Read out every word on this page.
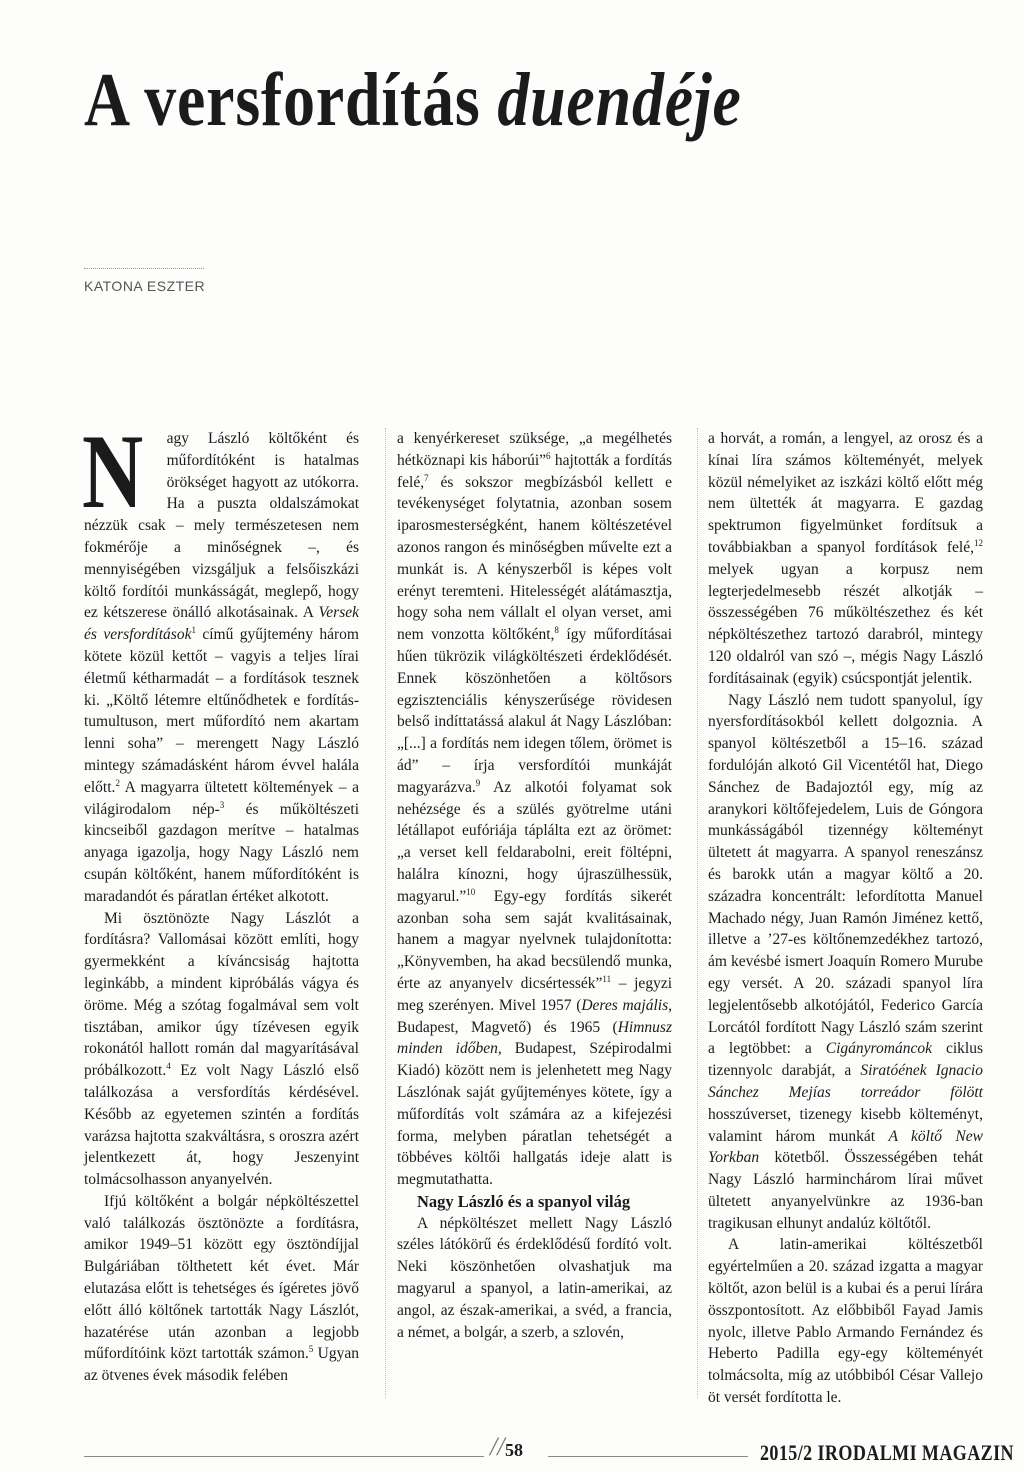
A versfordítás duendéje
KATONA ESZTER

N agy László költőként és műfordítóként is hatalmas örökséget hagyott az utókorra. Ha a puszta oldalszámokat nézzük csak – mely természetesen nem fokmérője a minőségnek –, és mennyiségében vizsgáljuk a felsőiszkázi költő fordítói munkásságát, meglepő, hogy ez kétszerese önálló alkotásainak. A Versek és versfordítások$^1$ című gyűjtemény három kötete közül kettőt – vagyis a teljes lírai életmű kétharmadát – a fordítások tesznek ki. „Költő létemre eltűnődhetek e fordítás-tumultuson, mert műfordító nem akartam lenni soha” – merengett Nagy László mintegy számadásként három évvel halála előtt.$^2$ A magyarra ültetett költemények – a világirodalom nép-$^3$ és műköltészeti kincseiből gazdagon merítve – hatalmas anyaga igazolja, hogy Nagy László nem csupán költőként, hanem műfordítóként is maradandót és páratlan értéket alkotott.

Mi ösztönözte Nagy Lászlót a fordításra? Vallomásai között említi, hogy gyermekként a kíváncsiság hajtotta leginkább, a mindent kipróbálás vágya és öröme. Még a szótag fogalmával sem volt tisztában, amikor úgy tízévesen egyik rokonától hallott román dal magyarításával próbálkozott.$^4$ Ez volt Nagy László első találkozása a versfordítás kérdésével. Később az egyetemen szintén a fordítás varázsa hajtotta szakváltásra, s oroszra azért jelentkezett át, hogy Jeszenyint tolmácsolhasson anyanyelvén.

Ifjú költőként a bolgár népköltészettel való találkozás ösztönözte a fordításra, amikor 1949–51 között egy ösztöndíjjal Bulgáriában tölthetett két évet. Már elutazása előtt is tehetséges és ígéretes jövő előtt álló költőnek tartották Nagy Lászlót, hazatérése után azonban a legjobb műfordítóink közt tartották számon.$^5$ Ugyan az ötvenes évek második felében

a kenyérkereset szüksége, „a megélhetés hétköznapi kis háborúi”$^6$ hajtották a fordítás felé,$^7$ és sokszor megbízásból kellett e tevékenységet folytatnia, azonban sosem iparosmesterségként, hanem költészetével azonos rangon és minőségben művelte ezt a munkát is. A kényszerből is képes volt erényt teremteni. Hitelességét alátámasztja, hogy soha nem vállalt el olyan verset, ami nem vonzotta költőként,$^8$ így műfordításai hűen tükrözik világköltészeti érdeklődését. Ennek köszönhetően a költősors egzisztenciális kényszerűsége rövidesen belső indíttatássá alakul át Nagy Lászlóban: „[...] a fordítás nem idegen tőlem, örömet is ád” – írja versfordítói munkáját magyarázva.$^9$ Az alkotói folyamat sok nehézsége és a szülés gyötrelme utáni létállapot eufóriája táplálta ezt az örömet: „a verset kell feldarabolni, ereit föltépni, halálra kínozni, hogy újraszülhessük, magyarul.”$^{10}$ Egy-egy fordítás sikerét azonban soha sem saját kvalitásainak, hanem a magyar nyelvnek tulajdonította: „Könyvemben, ha akad becsülendő munka, érte az anyanyelv dicsértessék”$^{11}$ – jegyzi meg szerényen. Mivel 1957 (Deres majális, Budapest, Magvető) és 1965 (Himnusz minden időben, Budapest, Szépirodalmi Kiadó) között nem is jelenhetett meg Nagy Lászlónak saját gyűjteményes kötete, így a műfordítás volt számára az a kifejezési forma, melyben páratlan tehetségét a többéves költői hallgatás ideje alatt is megmutathatta.

Nagy László és a spanyol világ

A népköltészet mellett Nagy László széles látókörű és érdeklődésű fordító volt. Neki köszönhetően olvashatjuk ma magyarul a spanyol, a latin-amerikai, az angol, az észak-amerikai, a svéd, a francia, a német, a bolgár, a szerb, a szlovén,

a horvát, a román, a lengyel, az orosz és a kínai líra számos költeményét, melyek közül némelyiket az iszkázi költő előtt még nem ültették át magyarra. E gazdag spektrumon figyelmünket fordítsuk a továbbiakban a spanyol fordítások felé,$^{12}$ melyek ugyan a korpusz nem legterjedelmesebb részét alkotják – összességében 76 műköltészethez és két népköltészethez tartozó darabról, mintegy 120 oldalról van szó –, mégis Nagy László fordításainak (egyik) csúcspontját jelentik.

Nagy László nem tudott spanyolul, így nyersfordításokból kellett dolgoznia. A spanyol költészetből a 15–16. század fordulóján alkotó Gil Vicentétől hat, Diego Sánchez de Badajoztól egy, míg az aranykori költőfejedelem, Luis de Góngora munkásságából tizennégy költeményt ültetett át magyarra. A spanyol reneszánsz és barokk után a magyar költő a 20. századra koncentrált: lefordította Manuel Machado négy, Juan Ramón Jiménez kettő, illetve a ’27-es költőnemzedékhez tartozó, ám kevésbé ismert Joaquín Romero Murube egy versét. A 20. századi spanyol líra legjelentősebb alkotójától, Federico García Lorcától fordított Nagy László szám szerint a legtöbbet: a Cigányrománcok ciklus tizennyolc darabját, a Siratóének Ignacio Sánchez Mejías torreádor fölött hosszúverset, tizenegy kisebb költeményt, valamint három munkát A költő New Yorkban kötetből. Összességében tehát Nagy László harminchárom lírai művet ültetett anyanyelvünkre az 1936-ban tragikusan elhunyt andalúz költőtől.

A latin-amerikai költészetből egyértelműen a 20. század izgatta a magyar költőt, azon belül is a kubai és a perui lírára összpontosított. Az előbbiből Fayad Jamis nyolc, illetve Pablo Armando Fernández és Heberto Padilla egy-egy költeményét tolmácsolta, míg az utóbbiból César Vallejo öt versét fordította le.

// 58	2015/2 IRODALMI MAGAZIN
